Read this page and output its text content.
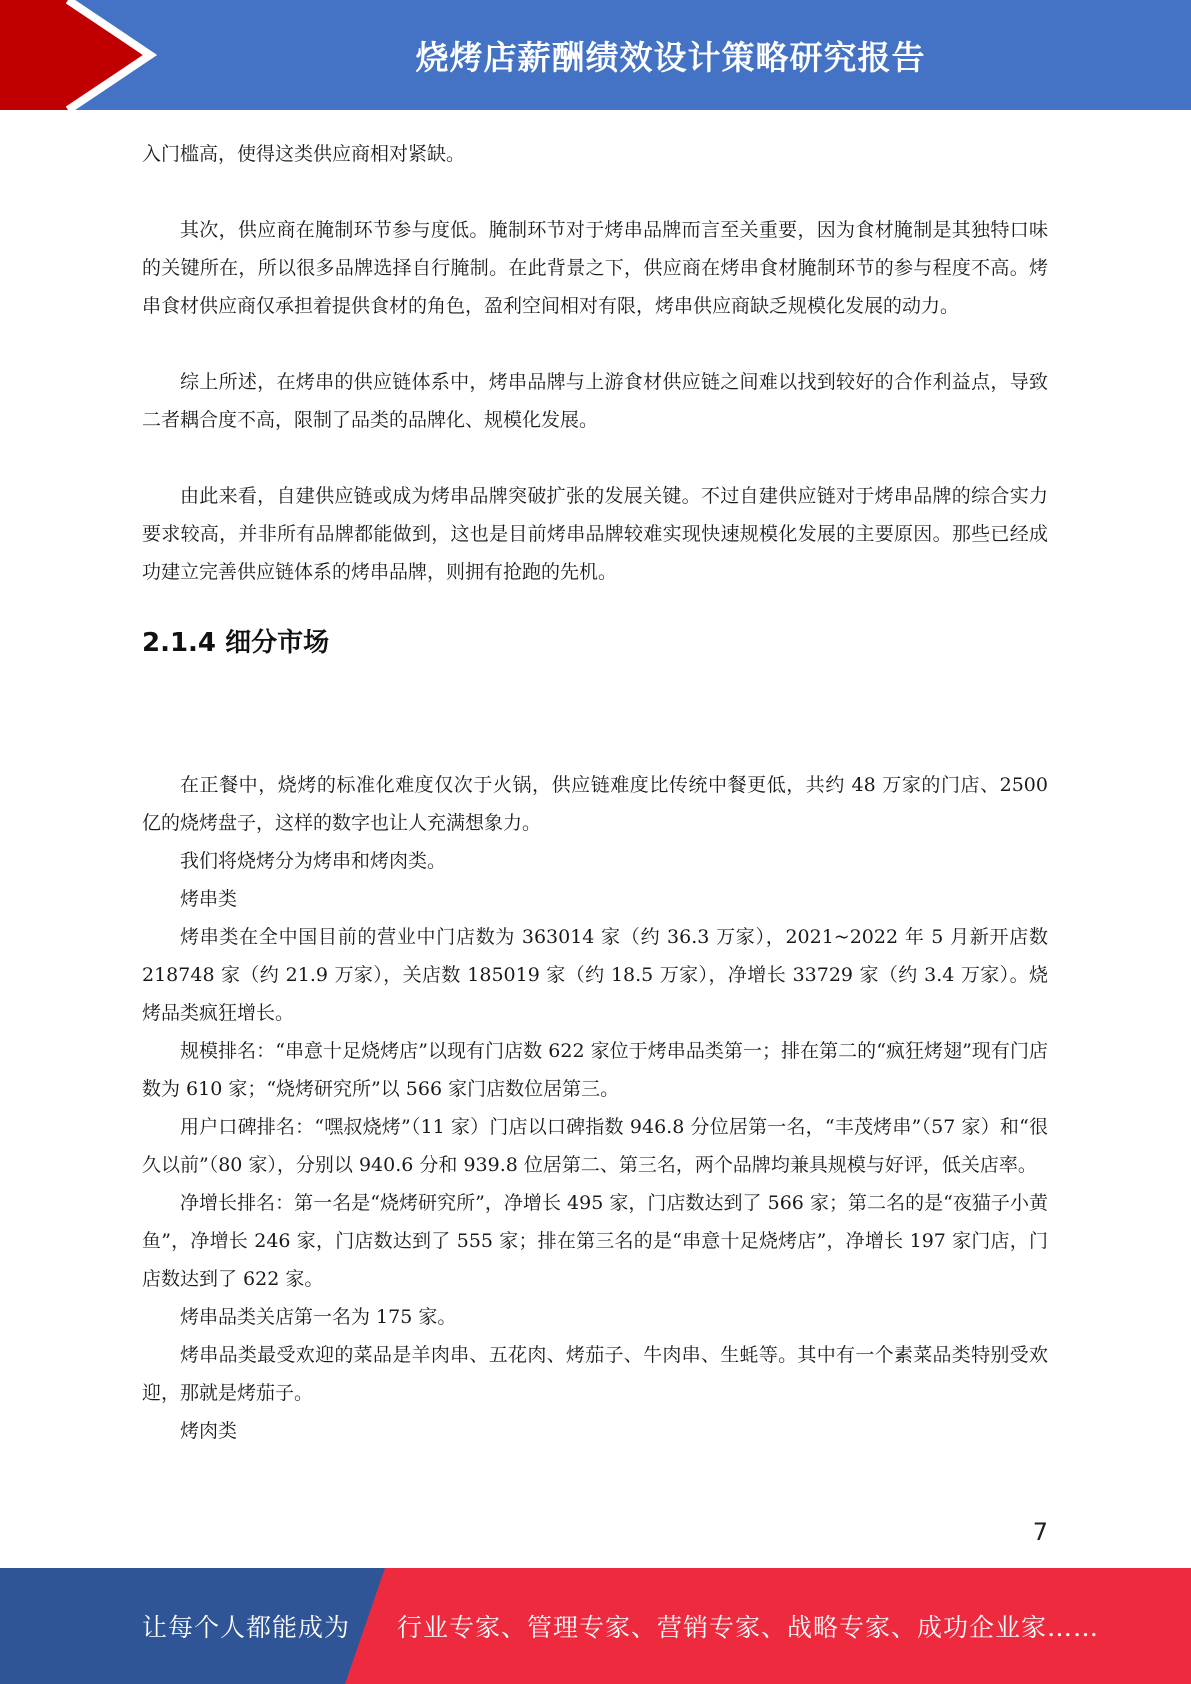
烧烤店薪酬绩效设计策略研究报告

入门槛高，使得这类供应商相对紧缺。

其次，供应商在腌制环节参与度低。腌制环节对于烤串品牌而言至关重要，因为食材腌制是其独特口味的关键所在，所以很多品牌选择自行腌制。在此背景之下，供应商在烤串食材腌制环节的参与程度不高。烤串食材供应商仅承担着提供食材的角色，盈利空间相对有限，烤串供应商缺乏规模化发展的动力。

综上所述，在烤串的供应链体系中，烤串品牌与上游食材供应链之间难以找到较好的合作利益点，导致二者耦合度不高，限制了品类的品牌化、规模化发展。

由此来看，自建供应链或成为烤串品牌突破扩张的发展关键。不过自建供应链对于烤串品牌的综合实力要求较高，并非所有品牌都能做到，这也是目前烤串品牌较难实现快速规模化发展的主要原因。那些已经成功建立完善供应链体系的烤串品牌，则拥有抢跑的先机。

2.1.4 细分市场

在正餐中，烧烤的标准化难度仅次于火锅，供应链难度比传统中餐更低，共约 48 万家的门店、2500 亿的烧烤盘子，这样的数字也让人充满想象力。

我们将烧烤分为烤串和烤肉类。

烤串类

烤串类在全中国目前的营业中门店数为 363014 家（约 36.3 万家），2021~2022 年 5 月新开店数 218748 家（约 21.9 万家），关店数 185019 家（约 18.5 万家），净增长 33729 家（约 3.4 万家）。烧烤品类疯狂增长。

规模排名：“串意十足烧烤店”以现有门店数 622 家位于烤串品类第一；排在第二的“疯狂烤翅”现有门店数为 610 家；“烧烤研究所”以 566 家门店数位居第三。

用户口碑排名：“嘿叔烧烤”（11 家）门店以口碑指数 946.8 分位居第一名，“丰茂烤串”（57 家）和“很久以前”（80 家），分别以 940.6 分和 939.8 位居第二、第三名，两个品牌均兼具规模与好评，低关店率。

净增长排名：第一名是“烧烤研究所”，净增长 495 家，门店数达到了 566 家；第二名的是“夜猫子小黄鱼”，净增长 246 家，门店数达到了 555 家；排在第三名的是“串意十足烧烤店”，净增长 197 家门店，门店数达到了 622 家。

烤串品类关店第一名为 175 家。

烤串品类最受欢迎的菜品是羊肉串、五花肉、烤茄子、牛肉串、生蚝等。其中有一个素菜品类特别受欢迎，那就是烤茄子。

烤肉类

7
让每个人都能成为 行业专家、管理专家、营销专家、战略专家、成功企业家……
